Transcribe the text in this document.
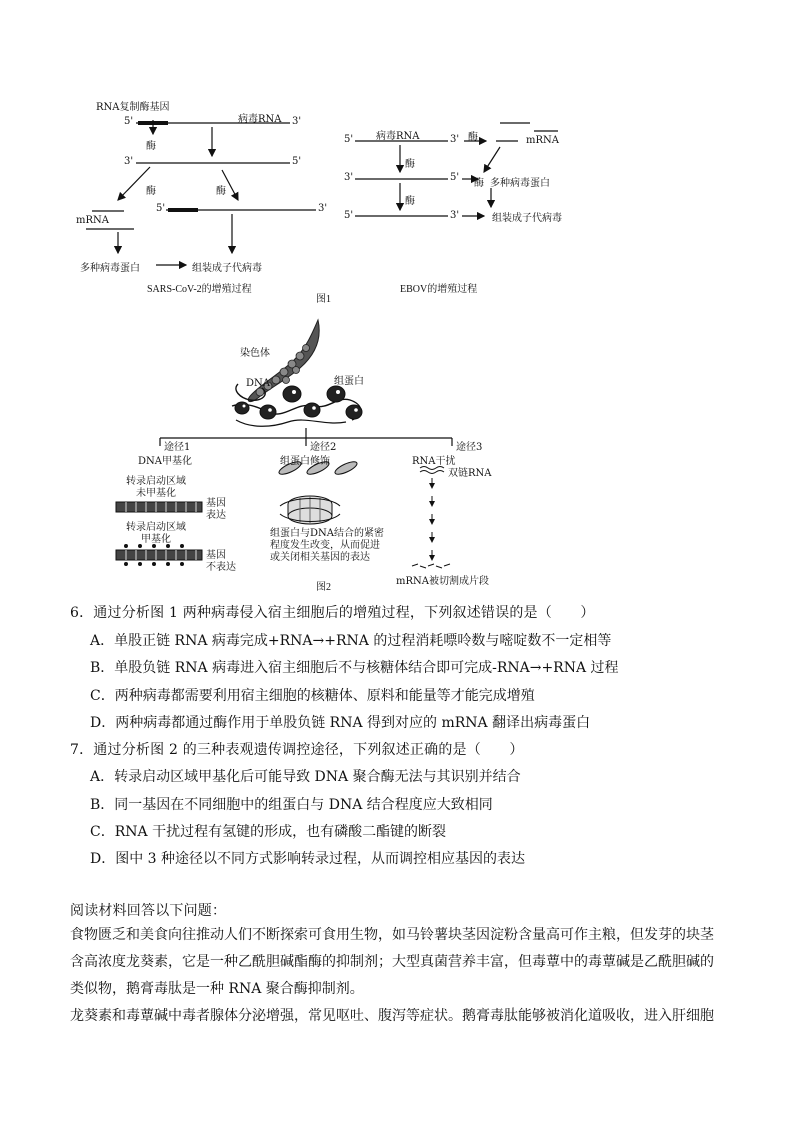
RNA复制酶基因
病毒RNA
5'	3'
酶
3'	5'
酶	酶
5'	3'
mRNA
多种病毒蛋白	组装成子代病毒
SARS-CoV-2的增殖过程
病毒RNA
5'	3' 酶	mRNA
酶
3'	5'
酶 多种病毒蛋白
酶
5'	3'	组装成子代病毒
EBOV的增殖过程
图1
染色体
DNA	组蛋白
途径1	途径2	途径3
DNA甲基化	组蛋白修饰	RNA干扰
双链RNA
转录启动区域
未甲基化
基因
表达
转录启动区域
甲基化
基因
不表达
组蛋白与DNA结合的紧密
程度发生改变，从而促进
或关闭相关基因的表达
mRNA被切割成片段
图2
6．通过分析图 1 两种病毒侵入宿主细胞后的增殖过程，下列叙述错误的是（　　）
A．单股正链 RNA 病毒完成+RNA→+RNA 的过程消耗嘌呤数与嘧啶数不一定相等
B．单股负链 RNA 病毒进入宿主细胞后不与核糖体结合即可完成-RNA→+RNA 过程
C．两种病毒都需要利用宿主细胞的核糖体、原料和能量等才能完成增殖
D．两种病毒都通过酶作用于单股负链 RNA 得到对应的 mRNA 翻译出病毒蛋白
7．通过分析图 2 的三种表观遗传调控途径，下列叙述正确的是（　　）
A．转录启动区域甲基化后可能导致 DNA 聚合酶无法与其识别并结合
B．同一基因在不同细胞中的组蛋白与 DNA 结合程度应大致相同
C．RNA 干扰过程有氢键的形成，也有磷酸二酯键的断裂
D．图中 3 种途径以不同方式影响转录过程，从而调控相应基因的表达
阅读材料回答以下问题：
食物匮乏和美食向往推动人们不断探索可食用生物，如马铃薯块茎因淀粉含量高可作主粮，但发芽的块茎含高浓度龙葵素，它是一种乙酰胆碱酯酶的抑制剂；大型真菌营养丰富，但毒蕈中的毒蕈碱是乙酰胆碱的类似物，鹅膏毒肽是一种 RNA 聚合酶抑制剂。
龙葵素和毒蕈碱中毒者腺体分泌增强，常见呕吐、腹泻等症状。鹅膏毒肽能够被消化道吸收，进入肝细胞
